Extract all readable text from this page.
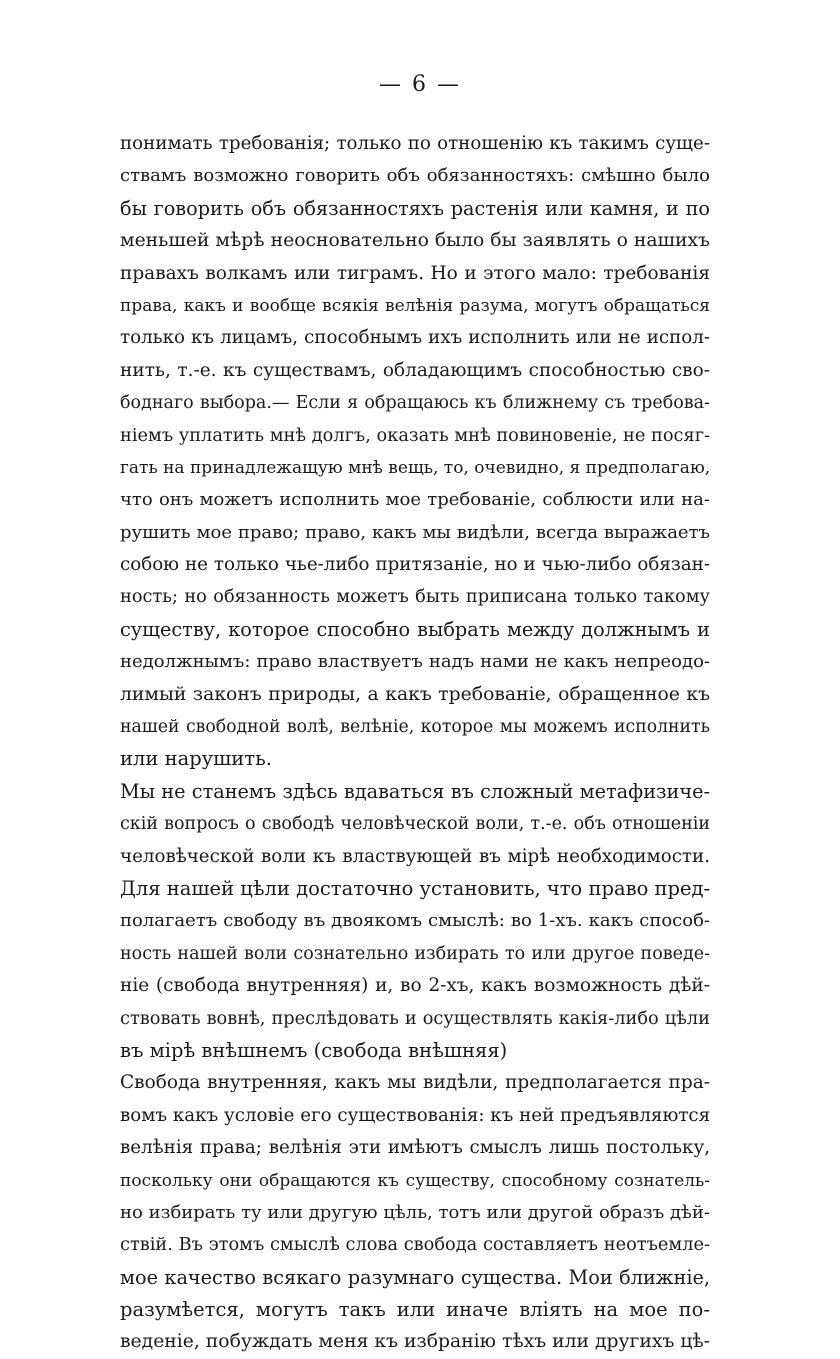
— 6 —
понимать требованія; только по отношенію къ такимъ суще-
ствамъ возможно говорить объ обязанностяхъ: смѣшно было
бы говорить объ обязанностяхъ растенія или камня, и по
меньшей мѣрѣ неосновательно было бы заявлять о нашихъ
правахъ волкамъ или тиграмъ. Но и этого мало: требованія
права, какъ и вообще всякія велѣнія разума, могутъ обращаться
только къ лицамъ, способнымъ ихъ исполнить или не испол-
нить, т.-е. къ существамъ, обладающимъ способностью сво-
боднаго выбора.— Если я обращаюсь къ ближнему съ требова-
ніемъ уплатить мнѣ долгъ, оказать мнѣ повиновеніе, не посяг-
гать на принадлежащую мнѣ вещь, то, очевидно, я предполагаю,
что онъ можетъ исполнить мое требованіе, соблюсти или на-
рушить мое право; право, какъ мы видѣли, всегда выражаетъ
собою не только чье-либо притязаніе, но и чью-либо обязан-
ность; но обязанность можетъ быть приписана только такому
существу, которое способно выбрать между должнымъ и
недолжнымъ: право властвуетъ надъ нами не какъ непреодо-
лимый законъ природы, а какъ требованіе, обращенное къ
нашей свободной волѣ, велѣніе, которое мы можемъ исполнить
или нарушить.
Мы не станемъ здѣсь вдаваться въ сложный метафизиче-
скій вопросъ о свободѣ человѣческой воли, т.-е. объ отношеніи
человѣческой воли къ властвующей въ мірѣ необходимости.
Для нашей цѣли достаточно установить, что право пред-
полагаетъ свободу въ двоякомъ смыслѣ: во 1-хъ. какъ способ-
ность нашей воли сознательно избирать то или другое поведе-
ніе (свобода внутренняя) и, во 2-хъ, какъ возможность дѣй-
ствовать вовнѣ, преслѣдовать и осуществлять какія-либо цѣли
въ мірѣ внѣшнемъ (свобода внѣшняя)
Свобода внутренняя, какъ мы видѣли, предполагается пра-
вомъ какъ условіе его существованія: къ ней предъявляются
велѣнія права; велѣнія эти имѣютъ смыслъ лишь постольку,
поскольку они обращаются къ существу, способному сознатель-
но избирать ту или другую цѣль, тотъ или другой образъ дѣй-
ствій. Въ этомъ смыслѣ слова свобода составляетъ неотъемле-
мое качество всякаго разумнаго существа. Мои ближніе,
разумѣется, могутъ такъ или иначе вліять на мое по-
веденіе, побуждать меня къ избранію тѣхъ или другихъ цѣ-
